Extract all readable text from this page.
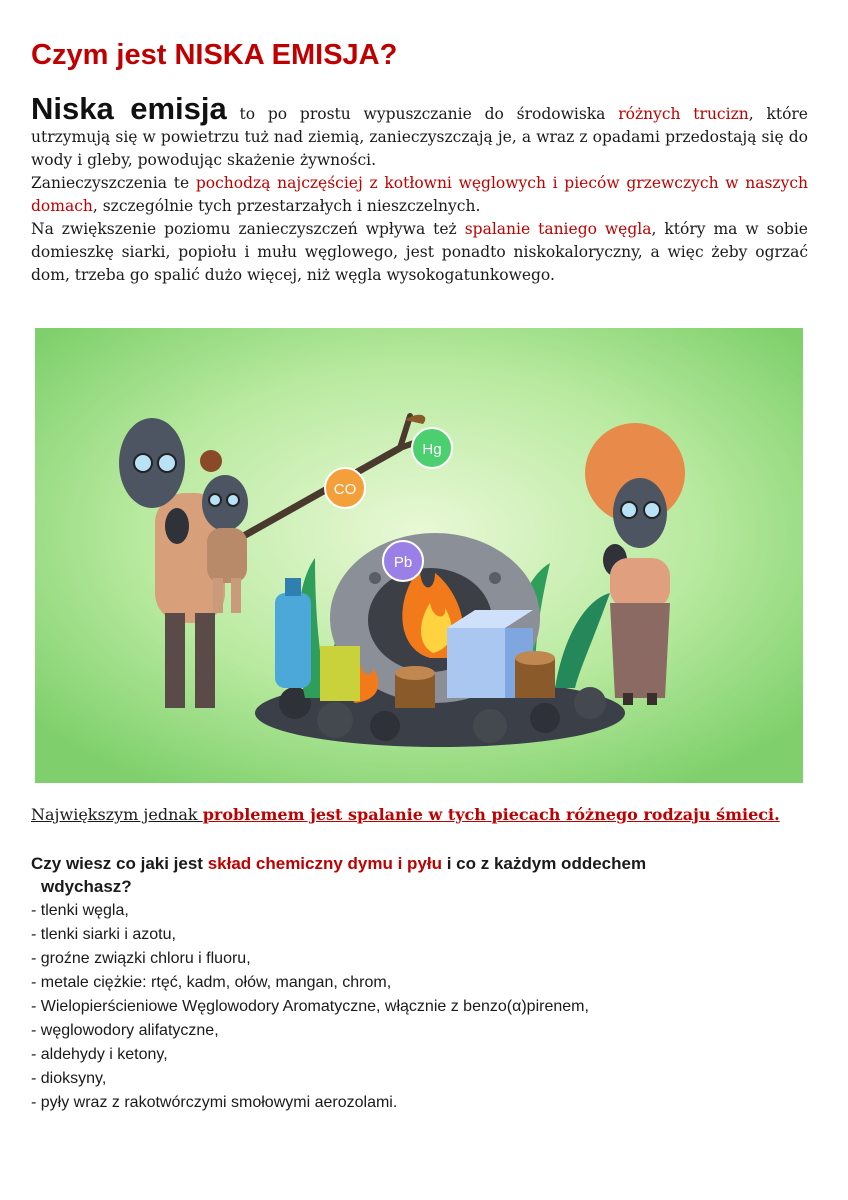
Czym jest NISKA EMISJA?

Niska emisja to po prostu wypuszczanie do środowiska różnych trucizn, które utrzymują się w powietrzu tuż nad ziemią, zanieczyszczają je, a wraz z opadami przedostają się do wody i gleby, powodując skażenie żywności.
Zanieczyszczenia te pochodzą najczęściej z kotłowni węglowych i pieców grzewczych w naszych domach, szczególnie tych przestarzałych i nieszczelnych.
Na zwiększenie poziomu zanieczyszczeń wpływa też spalanie taniego węgla, który ma w sobie domieszkę siarki, popiołu i mułu węglowego, jest ponadto niskokaloryczny, a więc żeby ogrzać dom, trzeba go spalić dużo więcej, niż węgla wysokogatunkowego.

CO
Hg
Pb

Największym jednak problemem jest spalanie w tych piecach różnego rodzaju śmieci.

Czy wiesz co jaki jest skład chemiczny dymu i pyłu i co z każdym oddechem
wdychasz?

- tlenki węgla,
- tlenki siarki i azotu,
- groźne związki chloru i fluoru,
- metale ciężkie: rtęć, kadm, ołów, mangan, chrom,
- Wielopierścieniowe Węglowodory Aromatyczne, włącznie z benzo(α)pirenem,
- węglowodory alifatyczne,
- aldehydy i ketony,
- dioksyny,
- pyły wraz z rakotwórczymi smołowymi aerozolami.
